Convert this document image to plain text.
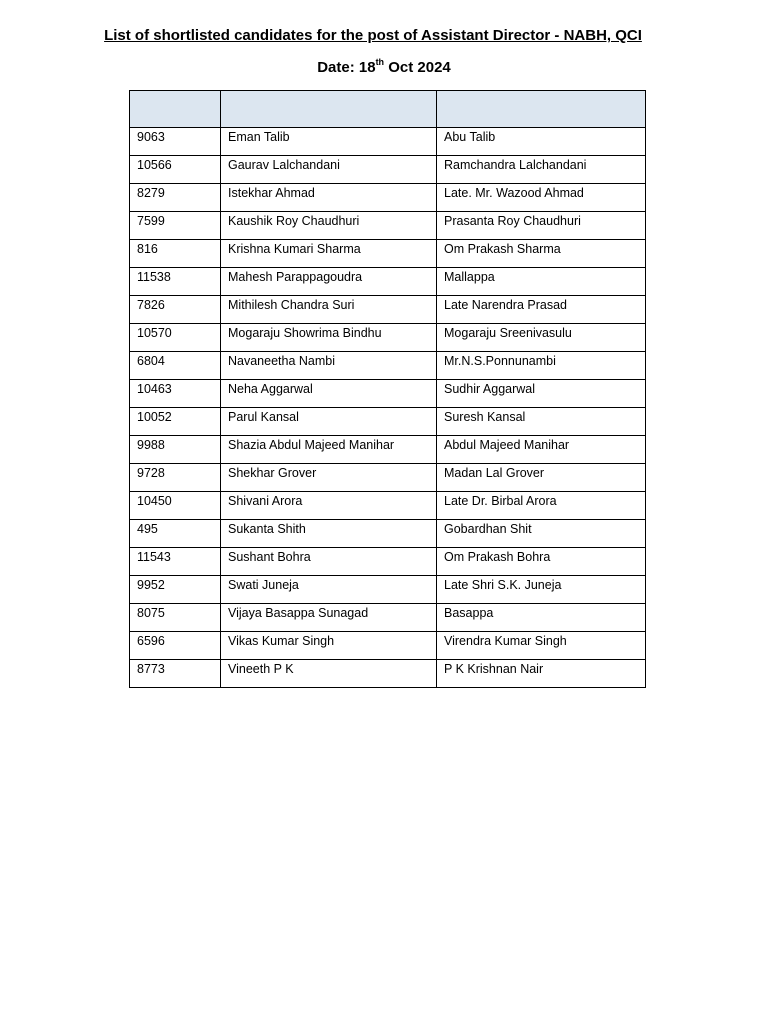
List of shortlisted candidates for the post of Assistant Director - NABH, QCI
Date: 18th Oct 2024

9063	Eman Talib	Abu Talib
10566	Gaurav Lalchandani	Ramchandra Lalchandani
8279	Istekhar Ahmad	Late. Mr. Wazood Ahmad
7599	Kaushik Roy Chaudhuri	Prasanta Roy Chaudhuri
816	Krishna Kumari Sharma	Om Prakash Sharma
11538	Mahesh Parappagoudra	Mallappa
7826	Mithilesh Chandra Suri	Late Narendra Prasad
10570	Mogaraju Showrima Bindhu	Mogaraju Sreenivasulu
6804	Navaneetha Nambi	Mr.N.S.Ponnunambi
10463	Neha Aggarwal	Sudhir Aggarwal
10052	Parul Kansal	Suresh Kansal
9988	Shazia Abdul Majeed Manihar	Abdul Majeed Manihar
9728	Shekhar Grover	Madan Lal Grover
10450	Shivani Arora	Late Dr. Birbal Arora
495	Sukanta Shith	Gobardhan Shit
11543	Sushant Bohra	Om Prakash Bohra
9952	Swati Juneja	Late Shri S.K. Juneja
8075	Vijaya Basappa Sunagad	Basappa
6596	Vikas Kumar Singh	Virendra Kumar Singh
8773	Vineeth P K	P K Krishnan Nair
